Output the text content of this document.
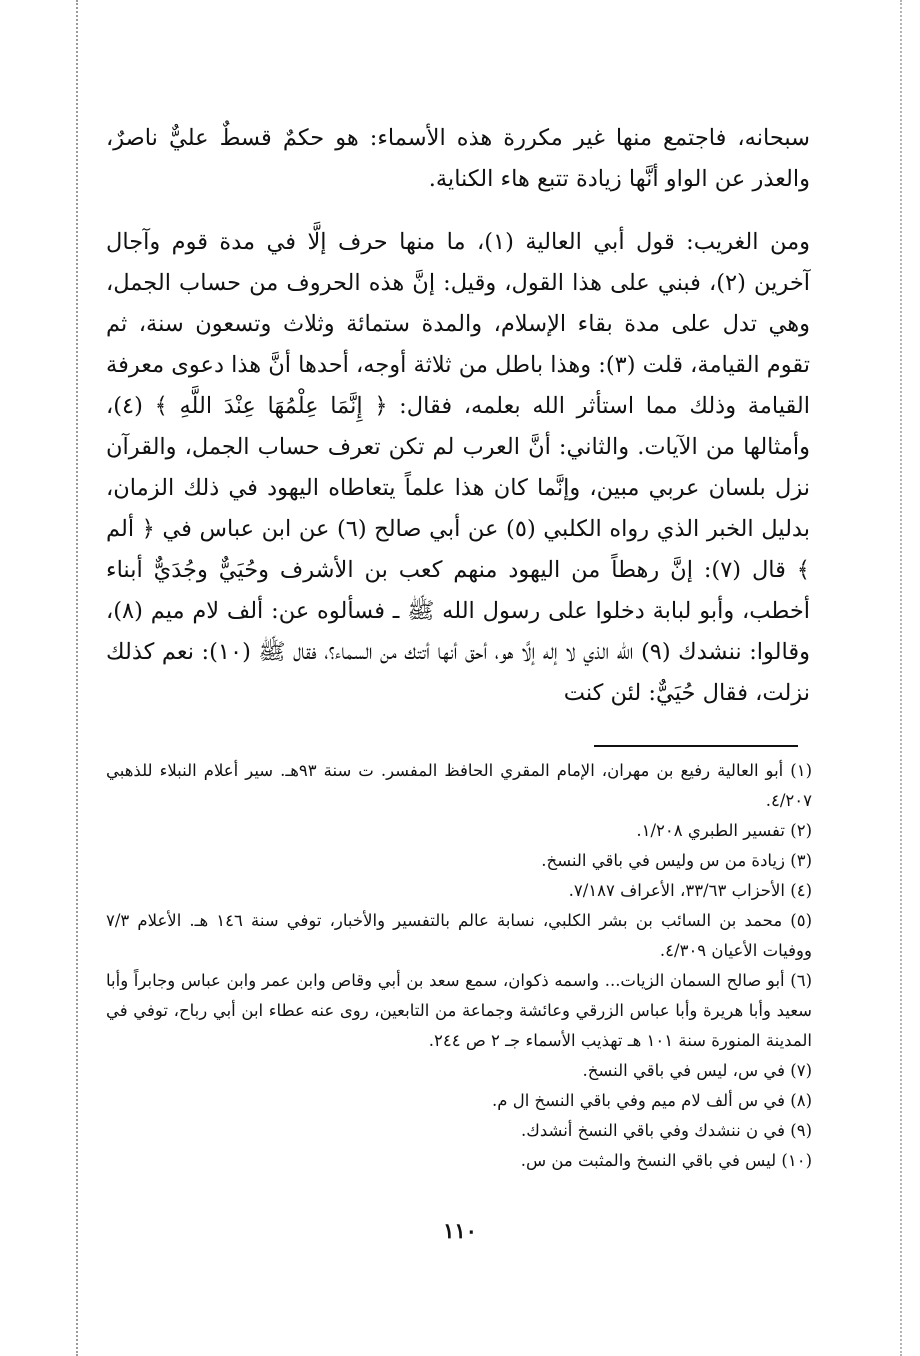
سبحانه، فاجتمع منها غير مكررة هذه الأسماء: هو حكمٌ قسطٌ عليٌّ ناصرٌ، والعذر عن الواو أنَّها زيادة تتبع هاء الكناية.

ومن الغريب: قول أبي العالية (١)، ما منها حرف إلَّا في مدة قوم وآجال آخرين (٢)، فبني على هذا القول، وقيل: إنَّ هذه الحروف من حساب الجمل، وهي تدل على مدة بقاء الإسلام، والمدة ستمائة وثلاث وتسعون سنة، ثم تقوم القيامة، قلت (٣): وهذا باطل من ثلاثة أوجه، أحدها أنَّ هذا دعوى معرفة القيامة وذلك مما استأثر الله بعلمه، فقال: ﴿ إِنَّمَا عِلْمُهَا عِنْدَ اللَّهِ ﴾ (٤)، وأمثالها من الآيات. والثاني: أنَّ العرب لم تكن تعرف حساب الجمل، والقرآن نزل بلسان عربي مبين، وإنَّما كان هذا علماً يتعاطاه اليهود في ذلك الزمان، بدليل الخبر الذي رواه الكلبي (٥) عن أبي صالح (٦) عن ابن عباس في ﴿ ألم ﴾ قال (٧): إنَّ رهطاً من اليهود منهم كعب بن الأشرف وحُيَيٌّ وجُدَيٌّ أبناء أخطب، وأبو لبابة دخلوا على رسول الله ﷺ ـ فسألوه عن: ألف لام ميم (٨)، وقالوا: ننشدك (٩) الله الذي لا إله إلَّا هو، أحق أنها أتتك من السماء؟، فقال ﷺ (١٠): نعم كذلك نزلت، فقال حُيَيٌّ: لئن كنت

(١) أبو العالية رفيع بن مهران، الإمام المقري الحافظ المفسر. ت سنة ٩٣هـ. سير أعلام النبلاء للذهبي ٤/٢٠٧.

(٢) تفسير الطبري ١/٢٠٨.

(٣) زيادة من س وليس في باقي النسخ.

(٤) الأحزاب ٣٣/٦٣، الأعراف ٧/١٨٧.

(٥) محمد بن السائب بن بشر الكلبي، نسابة عالم بالتفسير والأخبار، توفي سنة ١٤٦ هـ. الأعلام ٧/٣ ووفيات الأعيان ٤/٣٠٩.

(٦) أبو صالح السمان الزيات... واسمه ذكوان، سمع سعد بن أبي وقاص وابن عمر وابن عباس وجابراً وأبا سعيد وأبا هريرة وأبا عباس الزرقي وعائشة وجماعة من التابعين، روى عنه عطاء ابن أبي رباح، توفي في المدينة المنورة سنة ١٠١ هـ تهذيب الأسماء جـ ٢ ص ٢٤٤.

(٧) في س، ليس في باقي النسخ.

(٨) في س ألف لام ميم وفي باقي النسخ ال م.

(٩) في ن ننشدك وفي باقي النسخ أنشدك.

(١٠) ليس في باقي النسخ والمثبت من س.

١١٠
